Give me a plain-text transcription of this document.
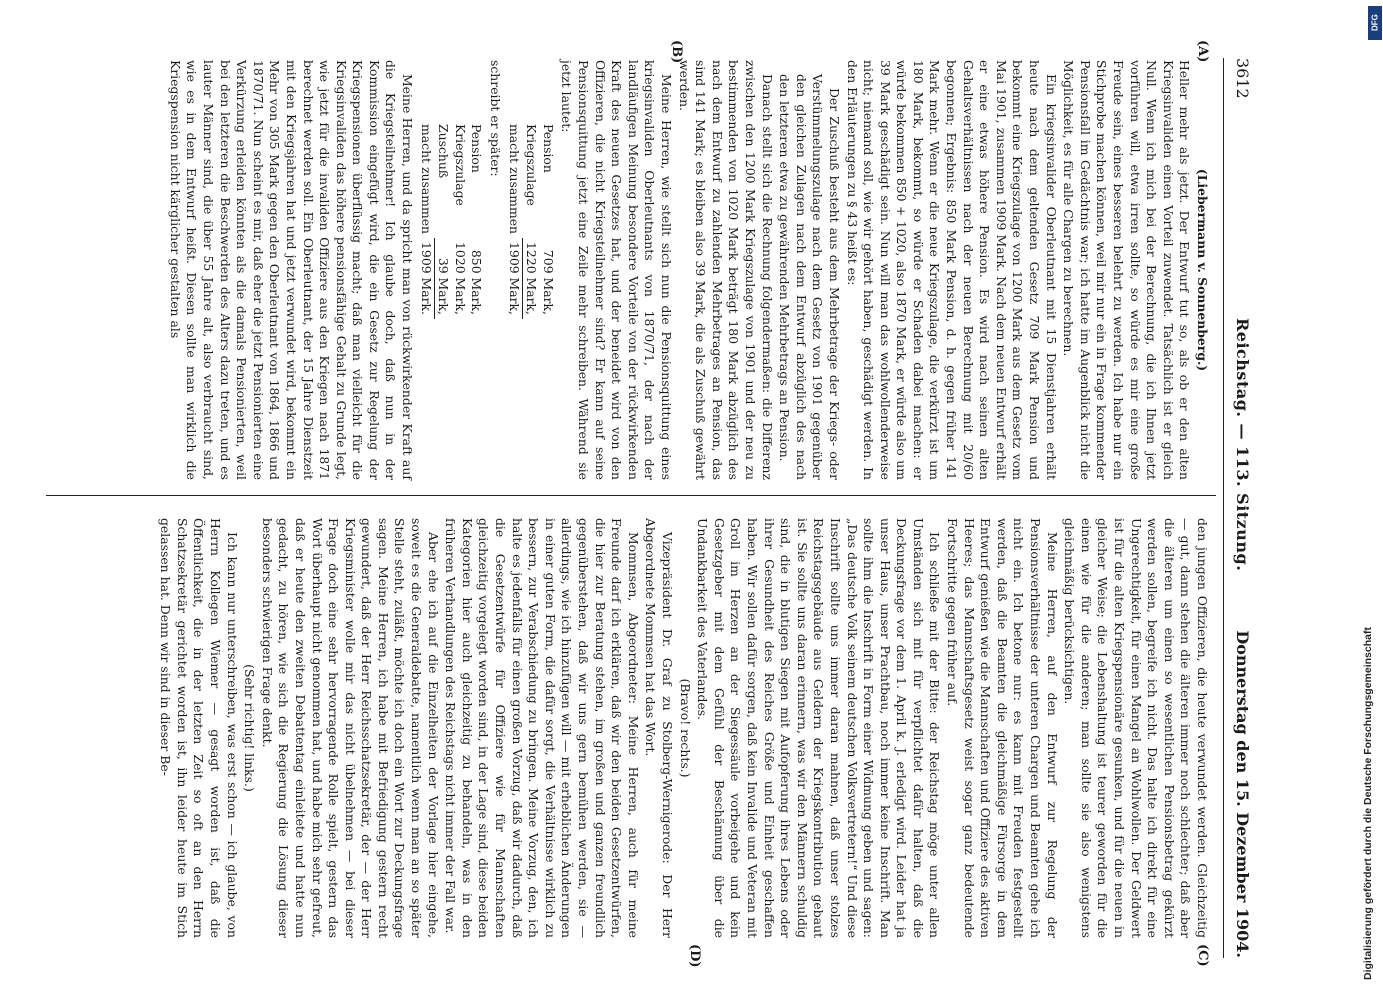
3612
Reichstag. — 113. Sitzung.
Donnerstag den 15. Dezember 1904.
(A)
(B)
(C)
(D)

(Liebermann v. Sonnenberg.)

Heller mehr als jetzt. Der Entwurf tut so, als ob er den alten Kriegsinvaliden einen Vorteil zuwendet. Tatsächlich ist er gleich Null. Wenn ich mich bei der Berechnung, die ich Ihnen jetzt vorführen will, etwa irren sollte, so würde es mir eine große Freude sein, eines besseren belehrt zu werden. Ich habe nur ein Stichprobe machen können, weil mir nur ein in Frage kommender Pensionsfall im Gedächtnis war; ich hatte im Augenblick nicht die Möglichkeit, es für alle Chargen zu berechnen.

Ein kriegsinvalider Oberleutnant mit 15 Dienstjahren erhält heute nach dem geltenden Gesetz 709 Mark Pension und bekommt eine Kriegszulage von 1200 Mark aus dem Gesetz vom Mai 1901, zusammen 1909 Mark. Nach dem neuen Entwurf erhält er eine etwas höhere Pension. Es wird nach seinen alten Gehaltsverhältnissen nach der neuen Berechnung mit 20/60 begonnen; Ergebnis: 850 Mark Pension, d. h. gegen früher 141 Mark mehr. Wenn er die neue Kriegszulage, die verkürzt ist um 180 Mark, bekommt, so würde er Schaden dabei machen: er würde bekommen 850 + 1020, also 1870 Mark, er würde also um 39 Mark geschädigt sein. Nun will man das wohlwollenderweise nicht; niemand soll, wie wir gehört haben, geschädigt werden. In den Erläuterungen zu § 43 heißt es:

Der Zuschuß besteht aus dem Mehrbetrage der Kriegs- oder Verstümmelungszulage nach dem Gesetz von 1901 gegenüber den gleichen Zulagen nach dem Entwurf abzüglich des nach den letzteren etwa zu gewährenden Mehrbetrags an Pension.

Danach stellt sich die Rechnung folgendermaßen: die Differenz zwischen den 1200 Mark Kriegszulage von 1901 und der neu zu bestimmenden von 1020 Mark beträgt 180 Mark abzüglich des nach dem Entwurf zu zahlenden Mehrbetrages an Pension, das sind 141 Mark; es bleiben also 39 Mark, die als Zuschuß gewährt werden.

Meine Herren, wie stellt sich nun die Pensionsquittung eines kriegsinvaliden Oberleutnants von 1870/71, der nach der landläufigen Meinung besondere Vorteile von der rückwirkenden Kraft des neuen Gesetzes hat, und der beneidet wird von den Offizieren, die nicht Kriegsteilnehmer sind? Er kann auf seine Pensionsquittung jetzt eine Zeile mehr schreiben. Während sie jetzt lautet:

Pension	709 Mark,
Kriegszulage	1220 Mark,
macht zusammen	1909 Mark,

schreibt er später:

Pension	850 Mark,
Kriegszulage	1020 Mark,
Zuschuß	39 Mark,
macht zusammen	1909 Mark.

Meine Herren, und da spricht man von rückwirkender Kraft auf die Kriegsteilnehmer! Ich glaube doch, daß nun in der Kommission eingefügt wird, die ein Gesetz zur Regelung der Kriegspensionen überflüssig macht; daß man vielleicht für die Kriegsinvaliden das höhere pensionsfähige Gehalt zu Grunde legt, wie jetzt für die invaliden Offiziere aus den Kriegen nach 1871 berechnet werden soll. Ein Oberleutnant, der 15 Jahre Dienstzeit mit den Kriegsjahren hat und jetzt verwundet wird, bekommt ein Mehr von 305 Mark gegen den Oberleutnant von 1864, 1866 und 1870/71. Nun scheint es mir, daß eher die jetzt Pensionierten eine Verkürzung erleiden könnten als die damals Pensionierten, weil bei den letzteren die Beschwerden des Alters dazu treten, und es lauter Männer sind, die über 55 Jahre alt, also verbraucht sind, wie es in dem Entwurf heißt. Diesen sollte man wirklich die Kriegspension nicht kärglicher gestalten als

den jungen Offizieren, die heute verwundet werden. Gleichzeitig — gut, dann stehen die älteren immer noch schlechter; daß aber die älteren um einen so wesentlichen Pensionsbetrag gekürzt werden sollen, begreife ich nicht. Das halte ich direkt für eine Ungerechtigkeit, für einen Mangel an Wohlwollen. Der Geldwert ist für die alten Kriegspensionäre gesunken, und für die neuen in gleicher Weise; die Lebenshaltung ist teurer geworden für die einen wie für die anderen; man sollte sie also wenigstens gleichmäßig berücksichtigen.

Meine Herren, auf den Entwurf zur Regelung der Pensionsverhältnisse der unteren Chargen und Beamten gehe ich nicht ein. Ich betone nur: es kann mit Freuden festgestellt werden, daß die Beamten die gleichmäßige Fürsorge in dem Entwurf genießen wie die Mannschaften und Offiziere des aktiven Heeres; das Mannschaftsgesetz weist sogar ganz bedeutende Fortschritte gegen früher auf.

Ich schließe mit der Bitte: der Reichstag möge unter allen Umständen sich mit für verpflichtet dafür halten, daß die Deckungsfrage vor dem 1. April k. J. erledigt wird. Leider hat ja unser Haus, unser Prachtbau, noch immer keine Inschrift. Man sollte ihm die Inschrift in Form einer Widmung geben und sagen: „Das deutsche Volk seinem deutschen Volksvertretern!“ Und diese Inschrift sollte uns immer daran mahnen, daß unser stolzes Reichstagsgebäude aus Geldern der Kriegskontribution gebaut ist. Sie sollte uns daran erinnern, was wir den Männern schuldig sind, die in blutigen Siegen mit Aufopferung ihres Lebens oder ihrer Gesundheit des Reiches Größe und Einheit geschaffen haben. Wir sollen dafür sorgen, daß kein Invalide und Veteran mit Groll im Herzen an der Siegessäule vorbeigehe und kein Gesetzgeber mit dem Gefühl der Beschämung über die Undankbarkeit des Vaterlandes.

(Bravo! rechts.)

Vizepräsident Dr. Graf zu Stolberg-Wernigerode: Der Herr Abgeordnete Mommsen hat das Wort.

Mommsen, Abgeordneter: Meine Herren, auch für meine Freunde darf ich erklären, daß wir den beiden Gesetzentwürfen, die hier zur Beratung stehen, im großen und ganzen freundlich gegenüberstehen, daß wir uns gern bemühen werden, sie — allerdings, wie ich hinzufügen will — mit erheblichen Änderungen in einer guten Form, die dafür sorgt, die Verhältnisse wirklich zu bessern, zur Verabschiedung zu bringen. Meine Vorzug, den, ich halte es jedenfalls für einen großen Vorzug, daß wir dadurch, daß die Gesetzentwürfe für Offiziere wie für Mannschaften gleichzeitig vorgelegt worden sind, in der Lage sind, diese beiden Kategorien hier auch gleichzeitig zu behandeln, was in den früheren Verhandlungen des Reichstags nicht immer der Fall war.

Aber ehe ich auf die Einzelheiten der Vorlage hier eingehe, soweit es die Generaldebatte, namentlich wenn man an so später Stelle steht, zuläßt, möchte ich doch ein Wort zur Deckungsfrage sagen. Meine Herren, ich habe mit Befriedigung gestern recht gewundert, daß der Herr Reichsschatzsekretär, der — der Herr Kriegsminister wolle mir das nicht übelnehmen — bei dieser Frage doch eine sehr hervorragende Rolle spielt, gestern das Wort überhaupt nicht genommen hat, und habe mich sehr gefreut, daß er heute den zweiten Debattentag einleitete und hatte nun gedacht, zu hören, wie sich die Regierung die Lösung dieser besonders schwierigen Frage denkt.

(Sehr richtig! links.)

Ich kann nur unterschreiben, was erst schon — ich glaube, von Herrn Kollegen Wiemer — gesagt worden ist, daß die Öffentlichkeit, die in der letzten Zeit so oft an den Herrn Schatzsekretär gerichtet worden ist, ihn leider heute im Stich gelassen hat. Denn wir sind in dieser Be-

DFG
Digitalisierung gefördert durch die Deutsche Forschungsgemeinschaft
